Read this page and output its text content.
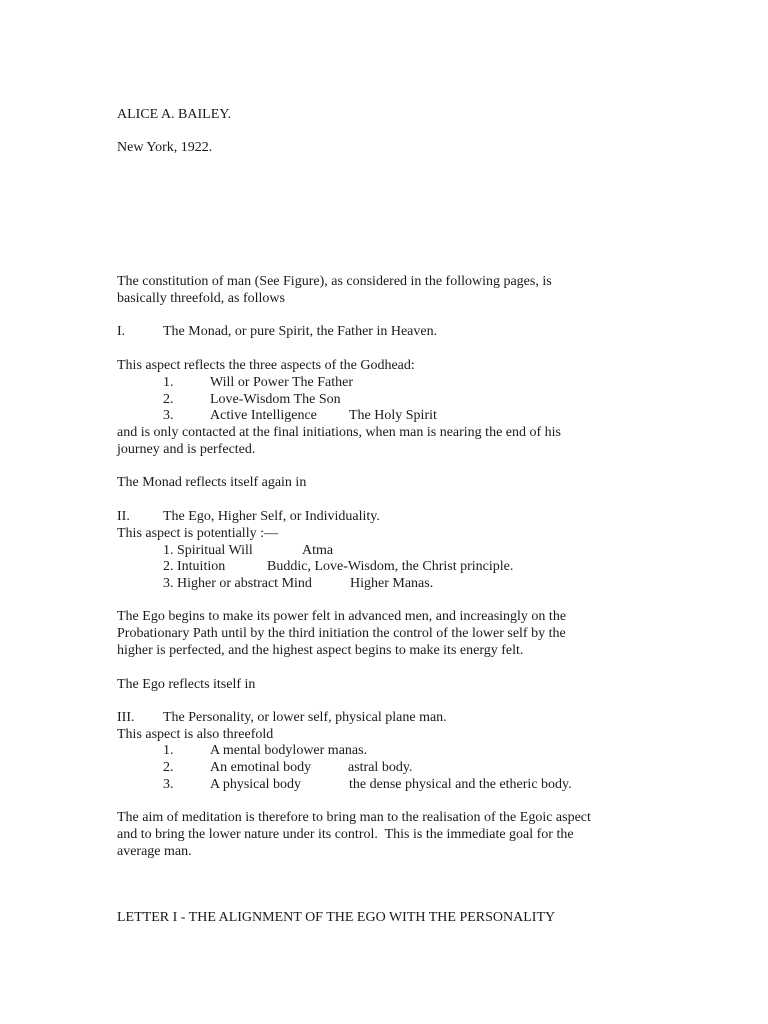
ALICE A. BAILEY.

New York, 1922.

The constitution of man (See Figure), as considered in the following pages, is

basically threefold, as follows

I.	The Monad, or pure Spirit, the Father in Heaven.

This aspect reflects the three aspects of the Godhead:

1.	Will or Power The Father

2.	Love-Wisdom The Son

3.	Active Intelligence The Holy Spirit

and is only contacted at the final initiations, when man is nearing the end of his

journey and is perfected.

The Monad reflects itself again in

II. The Ego, Higher Self, or Individuality.

This aspect is potentially :—

1. Spiritual Will	Atma

2. Intuition	Buddic, Love-Wisdom, the Christ principle.

3. Higher or abstract Mind	Higher Manas.

The Ego begins to make its power felt in advanced men, and increasingly on the

Probationary Path until by the third initiation the control of the lower self by the

higher is perfected, and the highest aspect begins to make its energy felt.

The Ego reflects itself in

III. The Personality, or lower self, physical plane man.

This aspect is also threefold

1.	A mental bodylower manas.

2.	An emotinal body	astral body.

3.	A physical body	the dense physical and the etheric body.

The aim of meditation is therefore to bring man to the realisation of the Egoic aspect

and to bring the lower nature under its control.  This is the immediate goal for the

average man.

LETTER I - THE ALIGNMENT OF THE EGO WITH THE PERSONALITY
